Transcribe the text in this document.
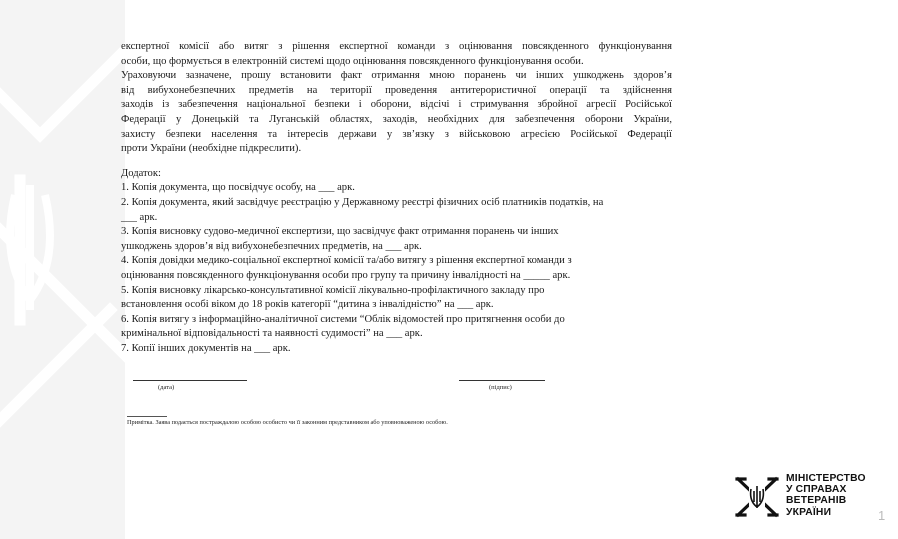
експертної комісії або витяг з рішення експертної команди з оцінювання повсякденного функціонування

особи, що формується в електронній системі щодо оцінювання повсякденного функціонування особи.

Ураховуючи зазначене, прошу встановити факт отримання мною поранень чи інших ушкоджень здоров’я

від вибухонебезпечних предметів на території проведення антитерористичної операції та здійснення

заходів із забезпечення національної безпеки і оборони, відсічі і стримування збройної агресії Російської

Федерації у Донецькій та Луганській областях, заходів, необхідних для забезпечення оборони України,

захисту безпеки населення та інтересів держави у зв’язку з військовою агресією Російської Федерації

проти України (необхідне підкреслити).

Додаток:

1. Копія документа, що посвідчує особу, на ___ арк.

2. Копія документа, який засвідчує реєстрацію у Державному реєстрі фізичних осіб платників податків, на

___ арк.

3. Копія висновку судово-медичної експертизи, що засвідчує факт отримання поранень чи інших

ушкоджень здоров’я від вибухонебезпечних предметів, на ___ арк.

4. Копія довідки медико-соціальної експертної комісії та/або витягу з рішення експертної команди з

оцінювання повсякденного функціонування особи про групу та причину інвалідності на _____ арк.

5. Копія висновку лікарсько-консультативної комісії лікувально-профілактичного закладу про

встановлення особі віком до 18 років категорії “дитина з інвалідністю” на ___ арк.

6. Копія витягу з інформаційно-аналітичної системи “Облік відомостей про притягнення особи до

кримінальної відповідальності та наявності судимості” на ___ арк.

7. Копії інших документів на ___ арк.

(дата)	(підпис)
Примітка. Заява подається постраждалою особою особисто чи її законним представником або уповноваженою особою.
МІНІСТЕРСТВО
У СПРАВАХ
ВЕТЕРАНІВ
УКРАЇНИ	1
